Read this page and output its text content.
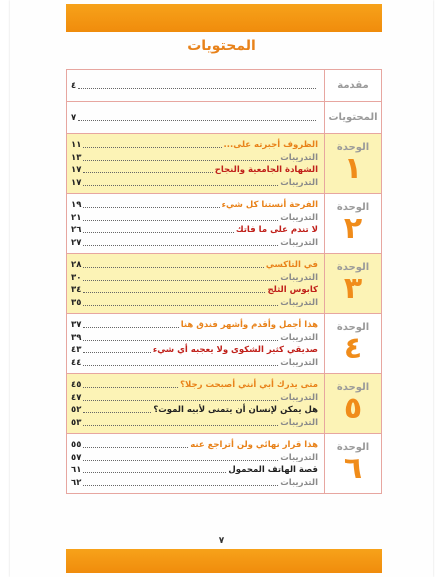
المحتويات
مقدمة
٤
المحتويات
٧
الوحدة
١
الظروف أجبرته على...
١١
التدريبات
١٣
الشهادة الجامعية والنجاح
١٧
التدريبات
١٧
الوحدة
٢
الفرحة أنستنا كل شيء
١٩
التدريبات
٢١
لا تندم على ما فاتك
٢٦
التدريبات
٢٧
الوحدة
٣
في التاكسي
٢٨
التدريبات
٣٠
كابوس الثلج
٣٤
التدريبات
٣٥
الوحدة
٤
هذا أجمل وأقدم وأشهر فندق هنا
٣٧
التدريبات
٣٩
صديقي كثير الشكوى ولا يعجبه أي شيء
٤٣
التدريبات
٤٤
الوحدة
٥
متى يدرك أبي أنني أصبحت رجلا؟
٤٥
التدريبات
٤٧
هل يمكن لإنسان أن يتمنى لأبيه الموت؟
٥٢
التدريبات
٥٣
الوحدة
٦
هذا قرار نهائي ولن أتراجع عنه
٥٥
التدريبات
٥٧
قصة الهاتف المحمول
٦١
التدريبات
٦٢
٧
